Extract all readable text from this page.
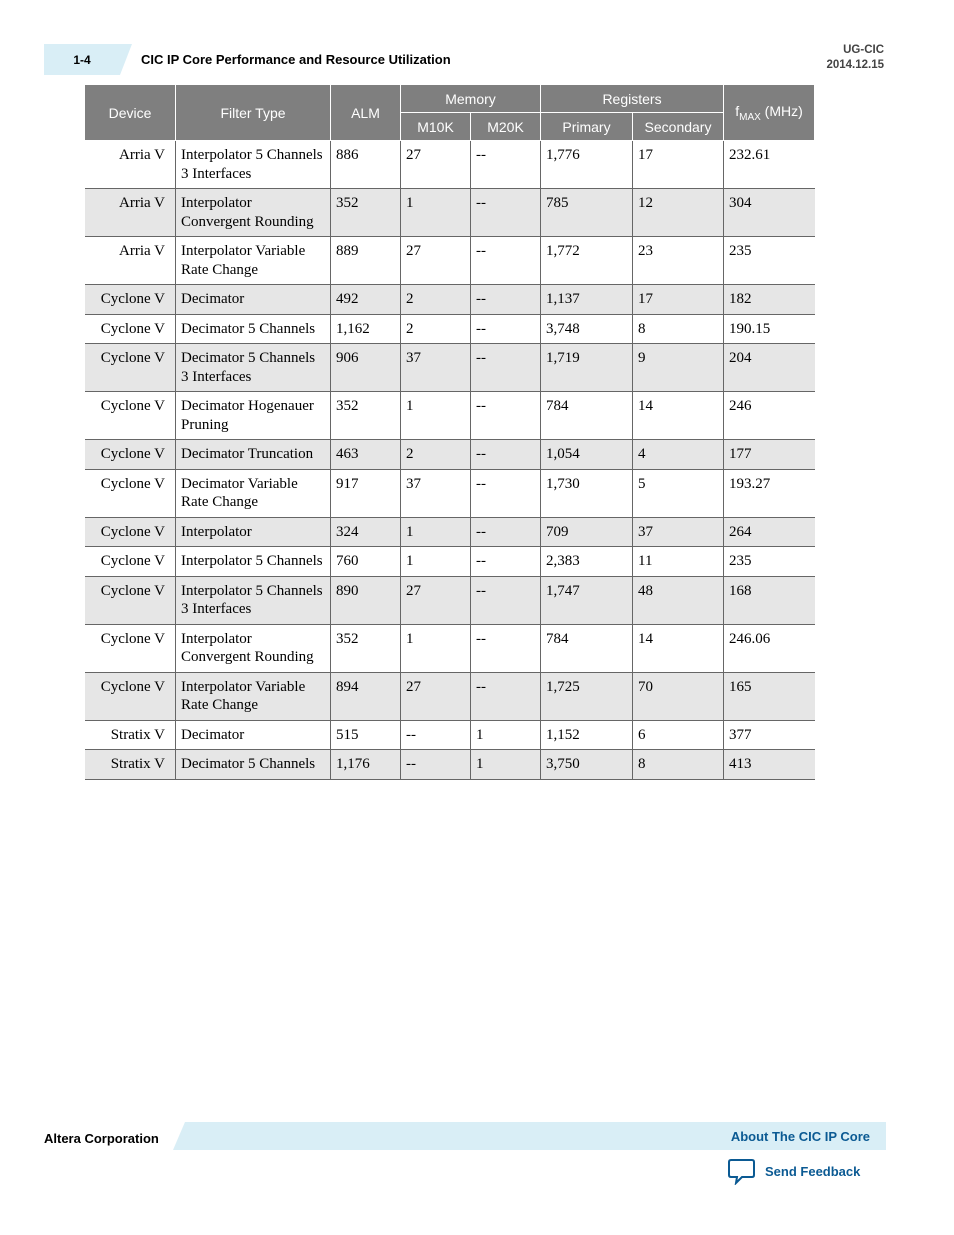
1-4	CIC IP Core Performance and Resource Utilization
UG-CIC
2014.12.15
Device	Filter Type	ALM	Memory		Registers		$f_{MAX}$ (MHz)
			M10K	M20K	Primary	Secondary	
Arria V	Interpolator 5 Channels 3 Interfaces	886	27	--	1,776	17	232.61
Arria V	Interpolator Convergent Rounding	352	1	--	785	12	304
Arria V	Interpolator Variable Rate Change	889	27	--	1,772	23	235
Cyclone V	Decimator	492	2	--	1,137	17	182
Cyclone V	Decimator 5 Channels	1,162	2	--	3,748	8	190.15
Cyclone V	Decimator 5 Channels 3 Interfaces	906	37	--	1,719	9	204
Cyclone V	Decimator Hogenauer Pruning	352	1	--	784	14	246
Cyclone V	Decimator Truncation	463	2	--	1,054	4	177
Cyclone V	Decimator Variable Rate Change	917	37	--	1,730	5	193.27
Cyclone V	Interpolator	324	1	--	709	37	264
Cyclone V	Interpolator 5 Channels	760	1	--	2,383	11	235
Cyclone V	Interpolator 5 Channels 3 Interfaces	890	27	--	1,747	48	168
Cyclone V	Interpolator Convergent Rounding	352	1	--	784	14	246.06
Cyclone V	Interpolator Variable Rate Change	894	27	--	1,725	70	165
Stratix V	Decimator	515	--	1	1,152	6	377
Stratix V	Decimator 5 Channels	1,176	--	1	3,750	8	413
Altera Corporation	About The CIC IP Core
Send Feedback
